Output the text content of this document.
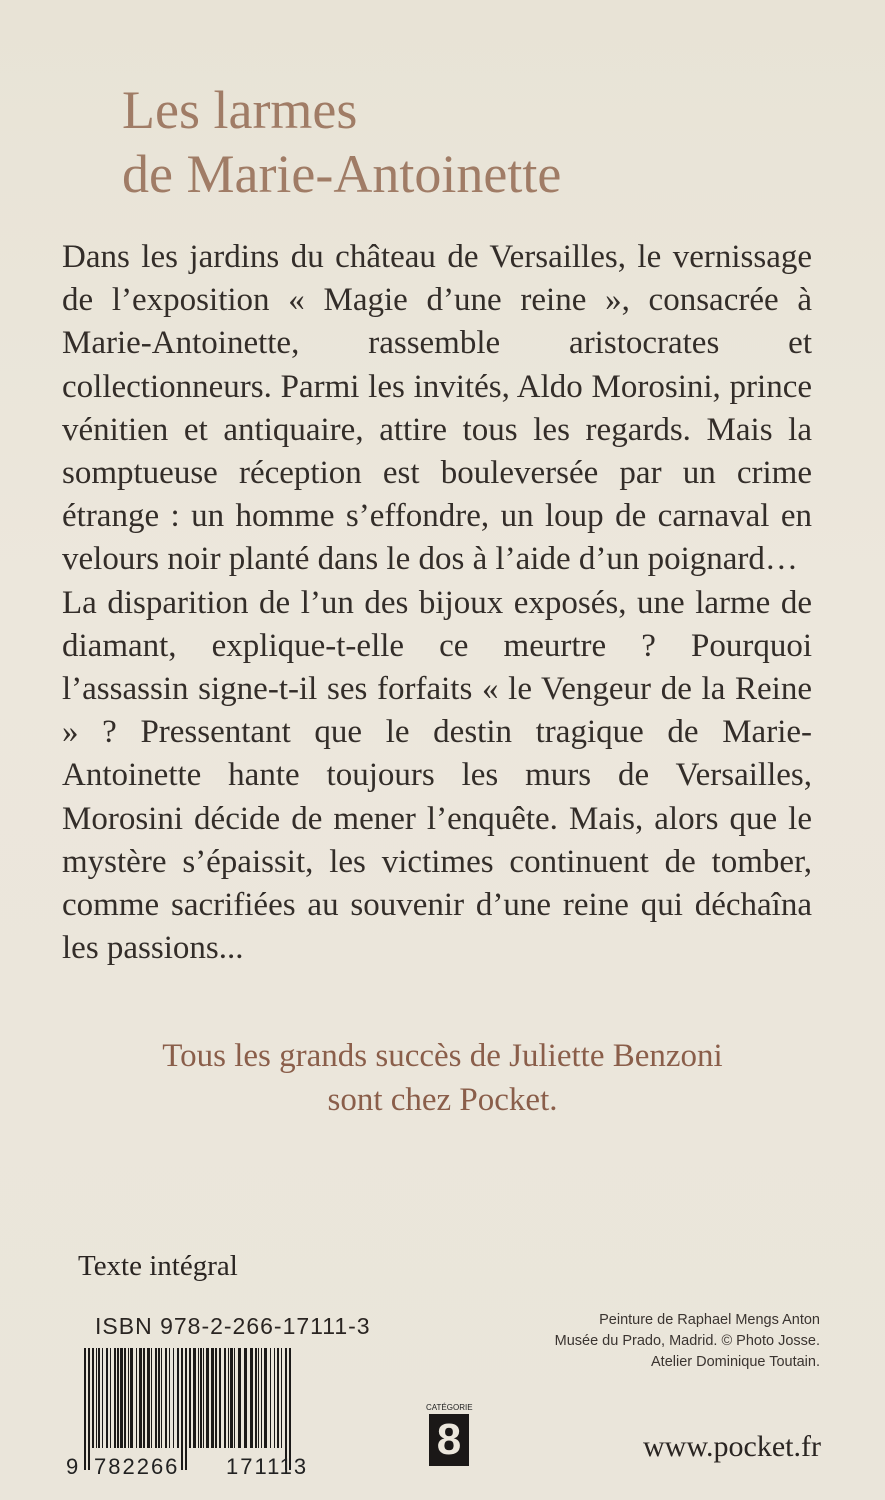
Les larmes
de Marie-Antoinette

Dans les jardins du château de Versailles, le vernissage de l’exposition « Magie d’une reine », consacrée à Marie-Antoinette, rassemble aristocrates et collectionneurs. Parmi les invités, Aldo Morosini, prince vénitien et antiquaire, attire tous les regards. Mais la somptueuse réception est bouleversée par un crime étrange : un homme s’effondre, un loup de carnaval en velours noir planté dans le dos à l’aide d’un poignard…

La disparition de l’un des bijoux exposés, une larme de diamant, explique-t-elle ce meurtre ? Pourquoi l’assassin signe-t-il ses forfaits « le Vengeur de la Reine » ? Pressentant que le destin tragique de Marie-Antoinette hante toujours les murs de Versailles, Morosini décide de mener l’enquête. Mais, alors que le mystère s’épaissit, les victimes continuent de tomber, comme sacrifiées au souvenir d’une reine qui déchaîna les passions...

Tous les grands succès de Juliette Benzoni
sont chez Pocket.
Texte intégral
ISBN 978-2-266-17111-3
9 782266 171113
Peinture de Raphael Mengs Anton
Musée du Prado, Madrid. © Photo Josse.
Atelier Dominique Toutain.
CATÉGORIE
8	www.pocket.fr
